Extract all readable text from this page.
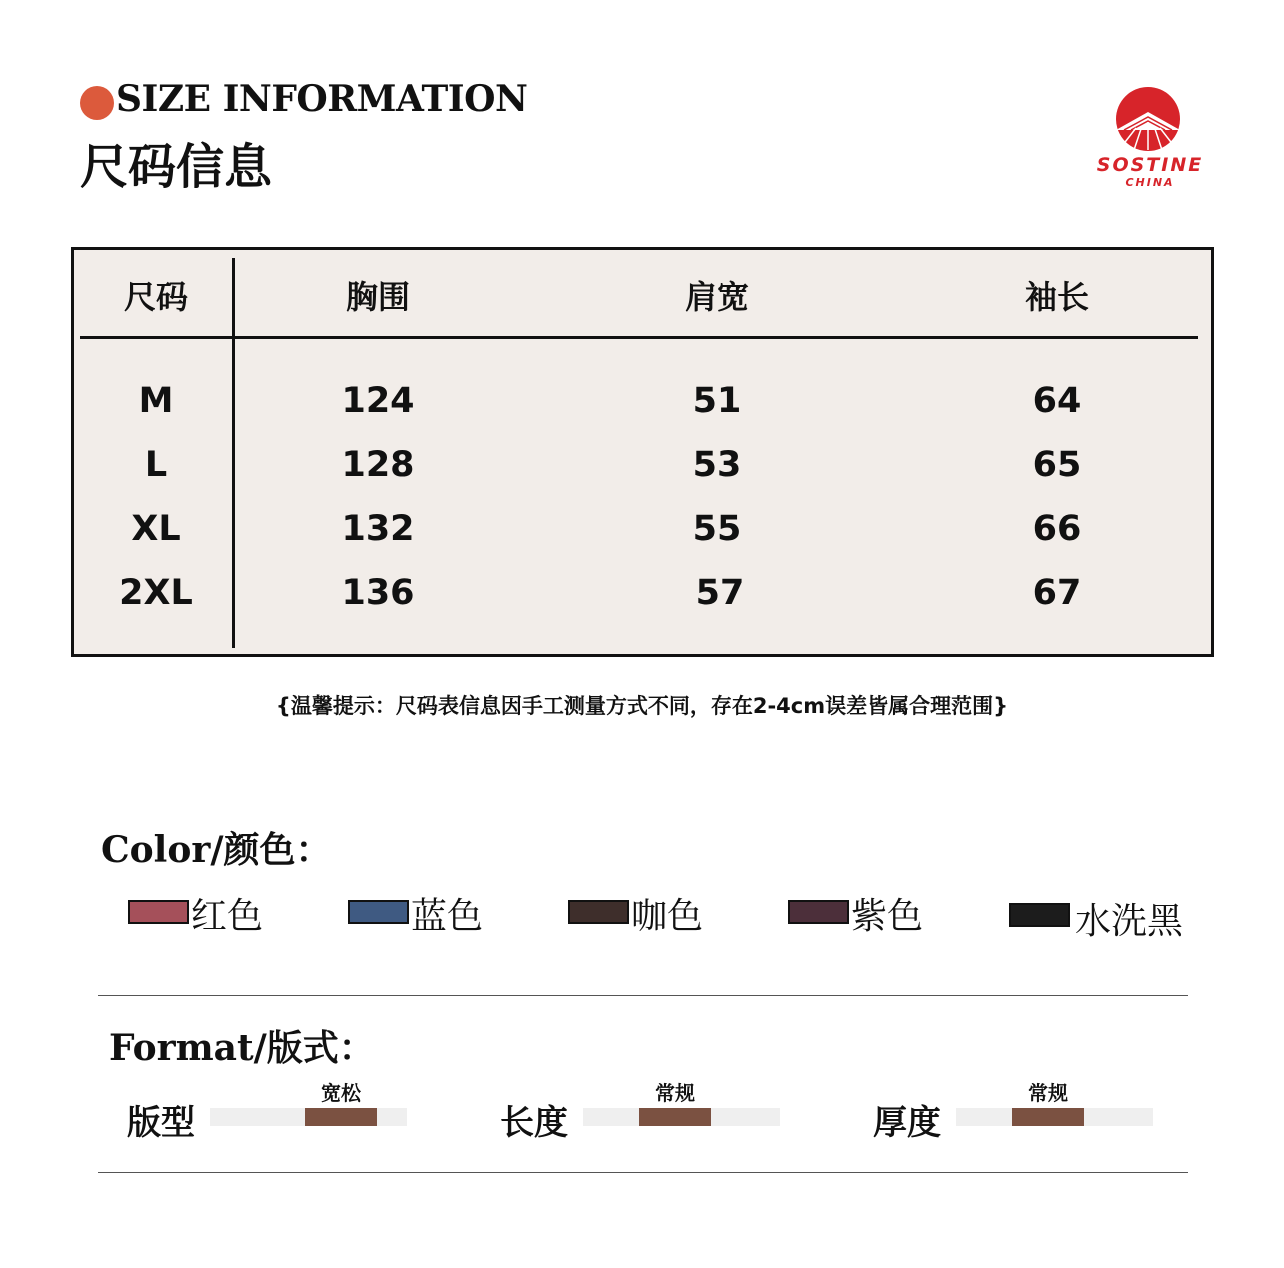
SIZE INFORMATION
尺码信息	SOSTINE
CHINA
尺码	胸围	肩宽	袖长
M	124	51	64
L	128	53	65
XL	132	55	66
2XL	136	57	67
{温馨提示：尺码表信息因手工测量方式不同，存在2-4cm误差皆属合理范围}
Color/颜色：
红色	蓝色	咖色	紫色	水洗黑
Format/版式：
版型
宽松
长度
常规
厚度
常规
